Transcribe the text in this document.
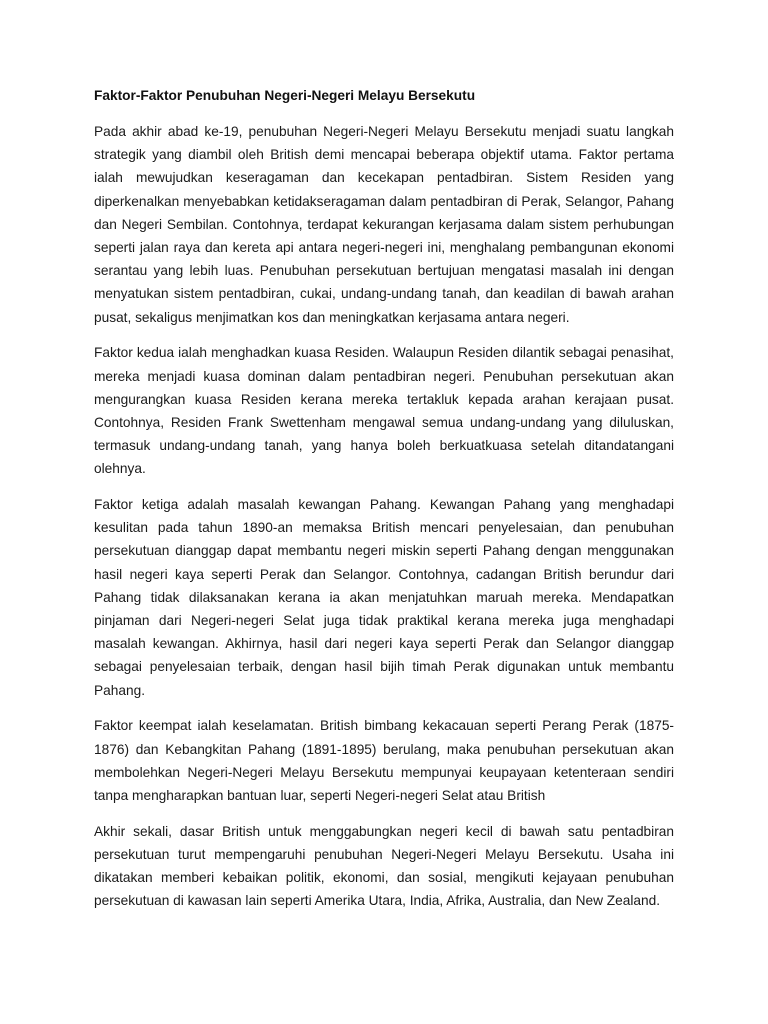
Faktor-Faktor Penubuhan Negeri-Negeri Melayu Bersekutu

Pada akhir abad ke-19, penubuhan Negeri-Negeri Melayu Bersekutu menjadi suatu langkah strategik yang diambil oleh British demi mencapai beberapa objektif utama. Faktor pertama ialah mewujudkan keseragaman dan kecekapan pentadbiran. Sistem Residen yang diperkenalkan menyebabkan ketidakseragaman dalam pentadbiran di Perak, Selangor, Pahang dan Negeri Sembilan. Contohnya, terdapat kekurangan kerjasama dalam sistem perhubungan seperti jalan raya dan kereta api antara negeri-negeri ini, menghalang pembangunan ekonomi serantau yang lebih luas. Penubuhan persekutuan bertujuan mengatasi masalah ini dengan menyatukan sistem pentadbiran, cukai, undang-undang tanah, dan keadilan di bawah arahan pusat, sekaligus menjimatkan kos dan meningkatkan kerjasama antara negeri.

Faktor kedua ialah menghadkan kuasa Residen. Walaupun Residen dilantik sebagai penasihat, mereka menjadi kuasa dominan dalam pentadbiran negeri. Penubuhan persekutuan akan mengurangkan kuasa Residen kerana mereka tertakluk kepada arahan kerajaan pusat. Contohnya, Residen Frank Swettenham mengawal semua undang-undang yang diluluskan, termasuk undang-undang tanah, yang hanya boleh berkuatkuasa setelah ditandatangani olehnya.

Faktor ketiga adalah masalah kewangan Pahang. Kewangan Pahang yang menghadapi kesulitan pada tahun 1890-an memaksa British mencari penyelesaian, dan penubuhan persekutuan dianggap dapat membantu negeri miskin seperti Pahang dengan menggunakan hasil negeri kaya seperti Perak dan Selangor. Contohnya, cadangan British berundur dari Pahang tidak dilaksanakan kerana ia akan menjatuhkan maruah mereka. Mendapatkan pinjaman dari Negeri-negeri Selat juga tidak praktikal kerana mereka juga menghadapi masalah kewangan. Akhirnya, hasil dari negeri kaya seperti Perak dan Selangor dianggap sebagai penyelesaian terbaik, dengan hasil bijih timah Perak digunakan untuk membantu Pahang.

Faktor keempat ialah keselamatan. British bimbang kekacauan seperti Perang Perak (1875-1876) dan Kebangkitan Pahang (1891-1895) berulang, maka penubuhan persekutuan akan membolehkan Negeri-Negeri Melayu Bersekutu mempunyai keupayaan ketenteraan sendiri tanpa mengharapkan bantuan luar, seperti Negeri-negeri Selat atau British

Akhir sekali, dasar British untuk menggabungkan negeri kecil di bawah satu pentadbiran persekutuan turut mempengaruhi penubuhan Negeri-Negeri Melayu Bersekutu. Usaha ini dikatakan memberi kebaikan politik, ekonomi, dan sosial, mengikuti kejayaan penubuhan persekutuan di kawasan lain seperti Amerika Utara, India, Afrika, Australia, dan New Zealand.
